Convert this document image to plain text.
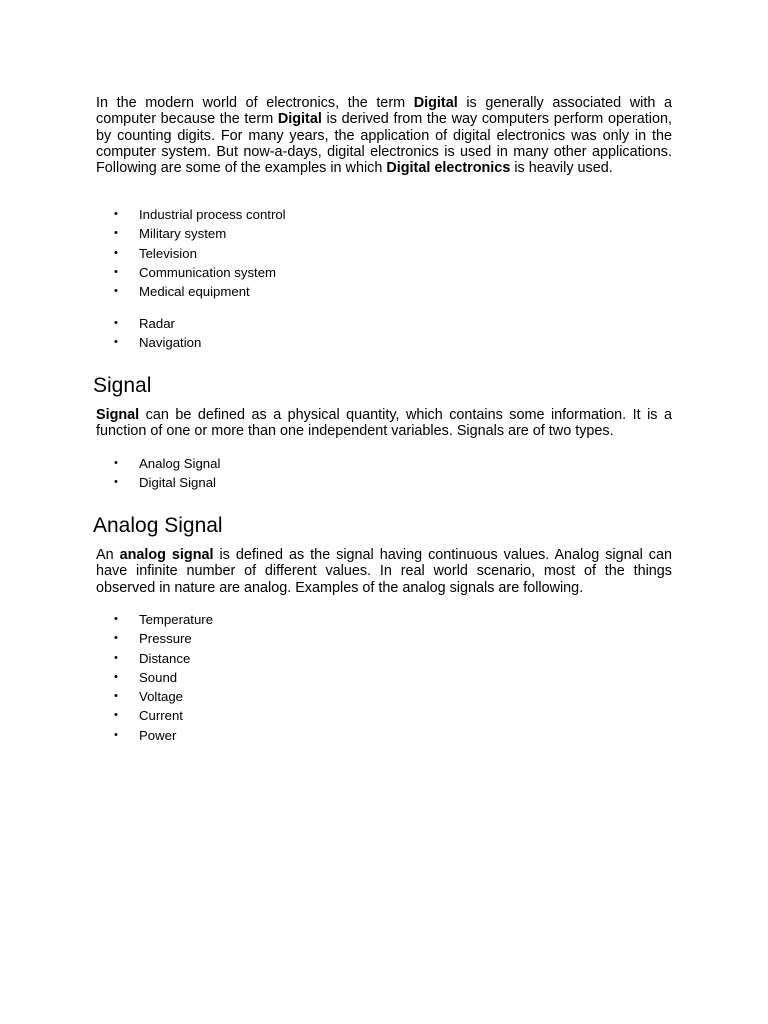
In the modern world of electronics, the term Digital is generally associated with a computer because the term Digital is derived from the way computers perform operation, by counting digits. For many years, the application of digital electronics was only in the computer system. But now-a-days, digital electronics is used in many other applications. Following are some of the examples in which Digital electronics is heavily used.

• Industrial process control
• Military system
• Television
• Communication system
• Medical equipment
• Radar
• Navigation
Signal

Signal can be defined as a physical quantity, which contains some information. It is a function of one or more than one independent variables. Signals are of two types.

• Analog Signal
• Digital Signal
Analog Signal

An analog signal is defined as the signal having continuous values. Analog signal can have infinite number of different values. In real world scenario, most of the things observed in nature are analog. Examples of the analog signals are following.

• Temperature
• Pressure
• Distance
• Sound
• Voltage
• Current
• Power
